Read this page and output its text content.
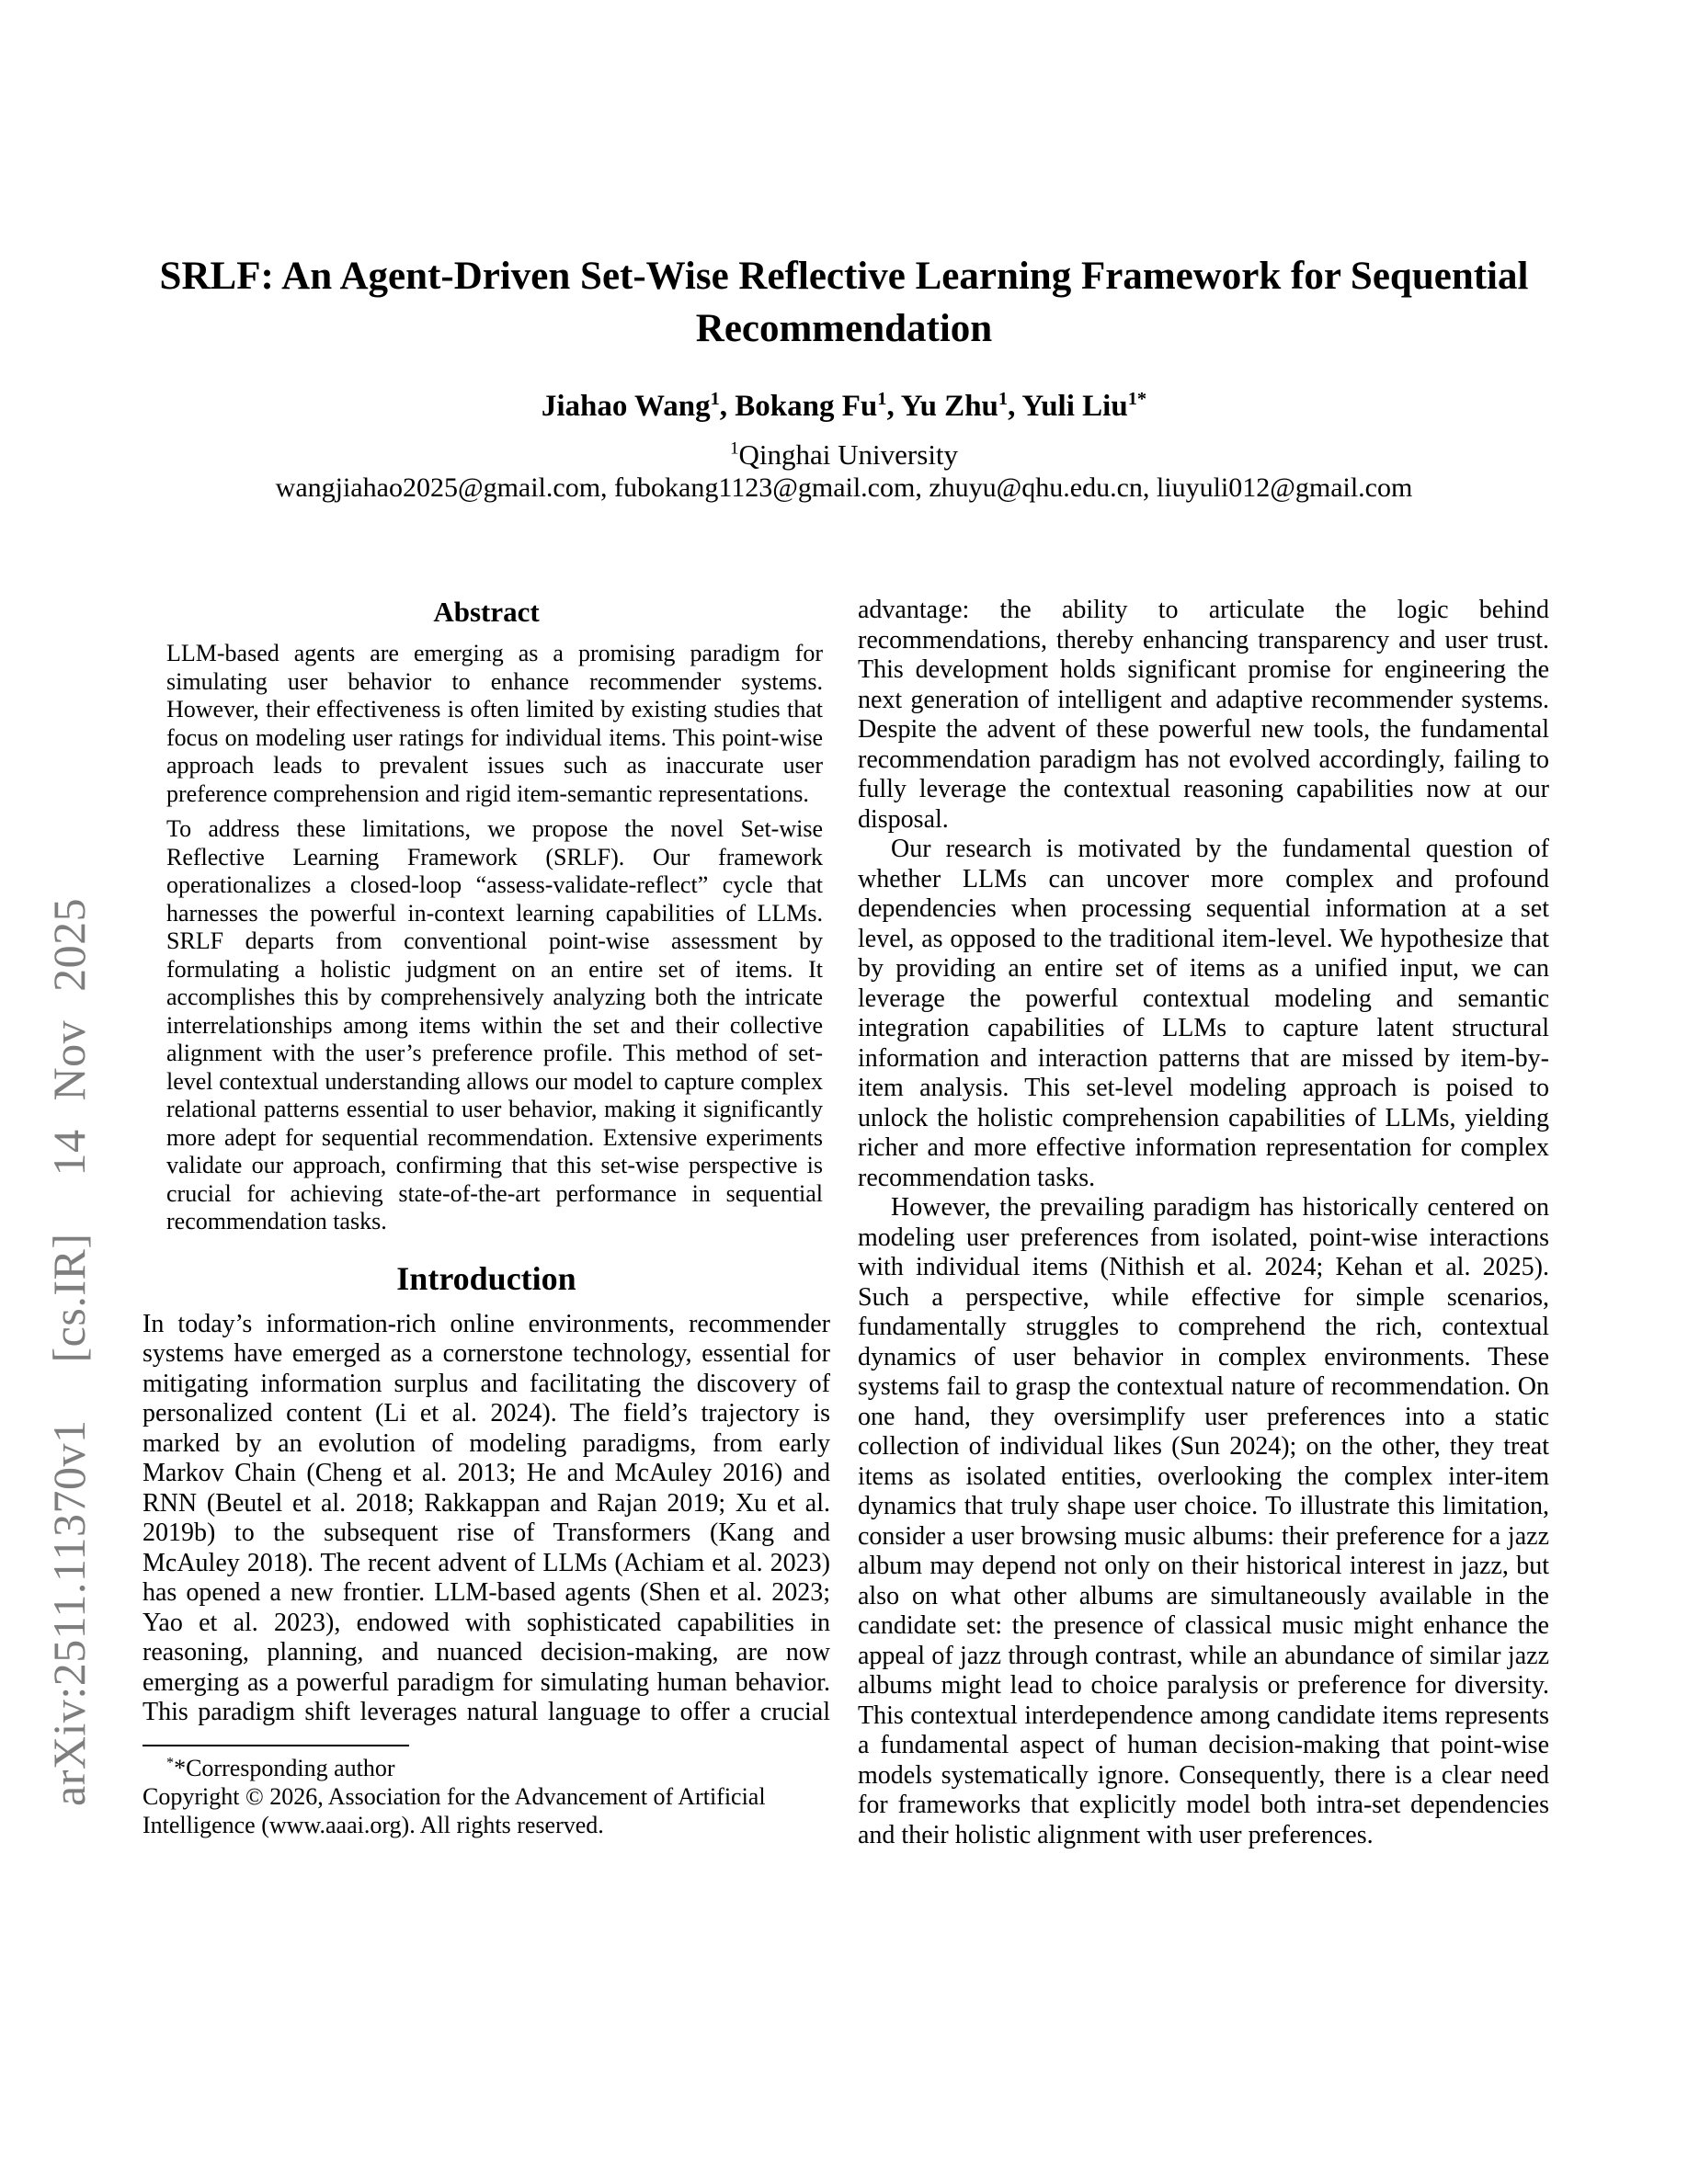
arXiv:2511.11370v1  [cs.IR]  14 Nov 2025
SRLF: An Agent-Driven Set-Wise Reflective Learning Framework for Sequential
Recommendation
Jiahao Wang$^1$, Bokang Fu$^1$, Yu Zhu$^1$, Yuli Liu$^{1*}$
$^1$Qinghai University
wangjiahao2025@gmail.com, fubokang1123@gmail.com, zhuyu@qhu.edu.cn, liuyuli012@gmail.com
Abstract

LLM-based agents are emerging as a promising paradigm for simulating user behavior to enhance recommender systems. However, their effectiveness is often limited by existing studies that focus on modeling user ratings for individual items. This point-wise approach leads to prevalent issues such as inaccurate user preference comprehension and rigid item-semantic representations.

To address these limitations, we propose the novel Set-wise Reflective Learning Framework (SRLF). Our framework operationalizes a closed-loop “assess-validate-reflect” cycle that harnesses the powerful in-context learning capabilities of LLMs. SRLF departs from conventional point-wise assessment by formulating a holistic judgment on an entire set of items. It accomplishes this by comprehensively analyzing both the intricate interrelationships among items within the set and their collective alignment with the user’s preference profile. This method of set-level contextual understanding allows our model to capture complex relational patterns essential to user behavior, making it significantly more adept for sequential recommendation. Extensive experiments validate our approach, confirming that this set-wise perspective is crucial for achieving state-of-the-art performance in sequential recommendation tasks.

Introduction

In today’s information-rich online environments, recommender systems have emerged as a cornerstone technology, essential for mitigating information surplus and facilitating the discovery of personalized content (Li et al. 2024). The field’s trajectory is marked by an evolution of modeling paradigms, from early Markov Chain (Cheng et al. 2013; He and McAuley 2016) and RNN (Beutel et al. 2018; Rakkappan and Rajan 2019; Xu et al. 2019b) to the subsequent rise of Transformers (Kang and McAuley 2018). The recent advent of LLMs (Achiam et al. 2023) has opened a new frontier. LLM-based agents (Shen et al. 2023; Yao et al. 2023), endowed with sophisticated capabilities in reasoning, planning, and nuanced decision-making, are now emerging as a powerful paradigm for simulating human behavior. This paradigm shift leverages natural language to offer a crucial

**Corresponding author
Copyright © 2026, Association for the Advancement of Artificial Intelligence (www.aaai.org). All rights reserved.

advantage: the ability to articulate the logic behind recommendations, thereby enhancing transparency and user trust. This development holds significant promise for engineering the next generation of intelligent and adaptive recommender systems. Despite the advent of these powerful new tools, the fundamental recommendation paradigm has not evolved accordingly, failing to fully leverage the contextual reasoning capabilities now at our disposal.

Our research is motivated by the fundamental question of whether LLMs can uncover more complex and profound dependencies when processing sequential information at a set level, as opposed to the traditional item-level. We hypothesize that by providing an entire set of items as a unified input, we can leverage the powerful contextual modeling and semantic integration capabilities of LLMs to capture latent structural information and interaction patterns that are missed by item-by-item analysis. This set-level modeling approach is poised to unlock the holistic comprehension capabilities of LLMs, yielding richer and more effective information representation for complex recommendation tasks.

However, the prevailing paradigm has historically centered on modeling user preferences from isolated, point-wise interactions with individual items (Nithish et al. 2024; Kehan et al. 2025). Such a perspective, while effective for simple scenarios, fundamentally struggles to comprehend the rich, contextual dynamics of user behavior in complex environments. These systems fail to grasp the contextual nature of recommendation. On one hand, they oversimplify user preferences into a static collection of individual likes (Sun 2024); on the other, they treat items as isolated entities, overlooking the complex inter-item dynamics that truly shape user choice. To illustrate this limitation, consider a user browsing music albums: their preference for a jazz album may depend not only on their historical interest in jazz, but also on what other albums are simultaneously available in the candidate set: the presence of classical music might enhance the appeal of jazz through contrast, while an abundance of similar jazz albums might lead to choice paralysis or preference for diversity. This contextual interdependence among candidate items represents a fundamental aspect of human decision-making that point-wise models systematically ignore. Consequently, there is a clear need for frameworks that explicitly model both intra-set dependencies and their holistic alignment with user preferences.
